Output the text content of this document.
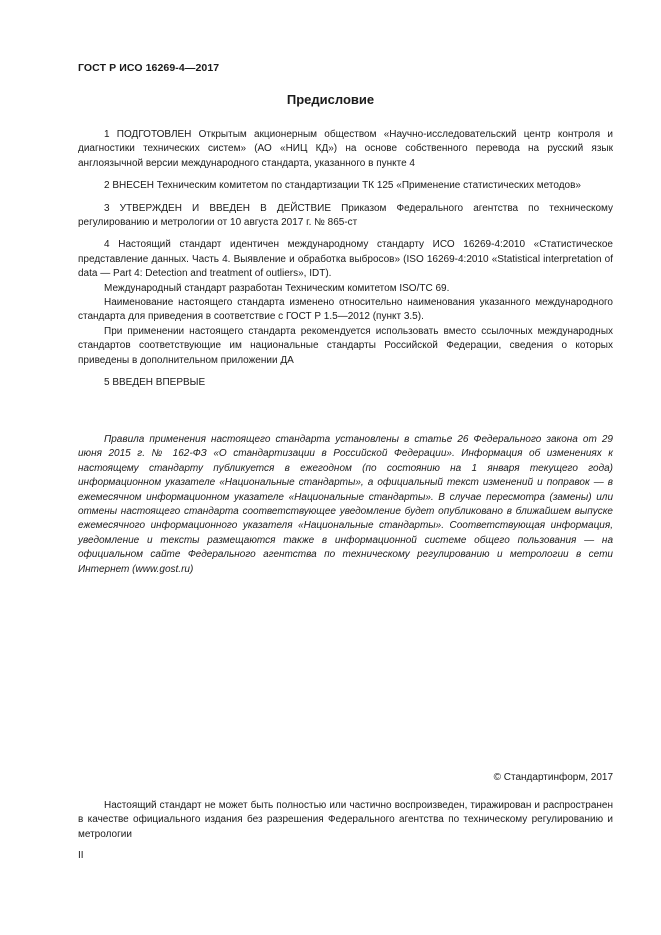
ГОСТ Р ИСО 16269-4—2017
Предисловие

1 ПОДГОТОВЛЕН Открытым акционерным обществом «Научно-исследовательский центр контроля и диагностики технических систем» (АО «НИЦ КД») на основе собственного перевода на русский язык англоязычной версии международного стандарта, указанного в пункте 4

2 ВНЕСЕН Техническим комитетом по стандартизации ТК 125 «Применение статистических методов»

3 УТВЕРЖДЕН И ВВЕДЕН В ДЕЙСТВИЕ Приказом Федерального агентства по техническому регулированию и метрологии от 10 августа 2017 г. № 865-ст

4 Настоящий стандарт идентичен международному стандарту ИСО 16269-4:2010 «Статистическое представление данных. Часть 4. Выявление и обработка выбросов» (ISO 16269-4:2010 «Statistical interpretation of data — Part 4: Detection and treatment of outliers», IDT).

Международный стандарт разработан Техническим комитетом ISO/TC 69.

Наименование настоящего стандарта изменено относительно наименования указанного международного стандарта для приведения в соответствие с ГОСТ Р 1.5—2012 (пункт 3.5).

При применении настоящего стандарта рекомендуется использовать вместо ссылочных международных стандартов соответствующие им национальные стандарты Российской Федерации, сведения о которых приведены в дополнительном приложении ДА

5 ВВЕДЕН ВПЕРВЫЕ

Правила применения настоящего стандарта установлены в статье 26 Федерального закона от 29 июня 2015 г. № 162-ФЗ «О стандартизации в Российской Федерации». Информация об изменениях к настоящему стандарту публикуется в ежегодном (по состоянию на 1 января текущего года) информационном указателе «Национальные стандарты», а официальный текст изменений и поправок — в ежемесячном информационном указателе «Национальные стандарты». В случае пересмотра (замены) или отмены настоящего стандарта соответствующее уведомление будет опубликовано в ближайшем выпуске ежемесячного информационного указателя «Национальные стандарты». Соответствующая информация, уведомление и тексты размещаются также в информационной системе общего пользования — на официальном сайте Федерального агентства по техническому регулированию и метрологии в сети Интернет (www.gost.ru)

© Стандартинформ, 2017

Настоящий стандарт не может быть полностью или частично воспроизведен, тиражирован и распространен в качестве официального издания без разрешения Федерального агентства по техническому регулированию и метрологии

II
